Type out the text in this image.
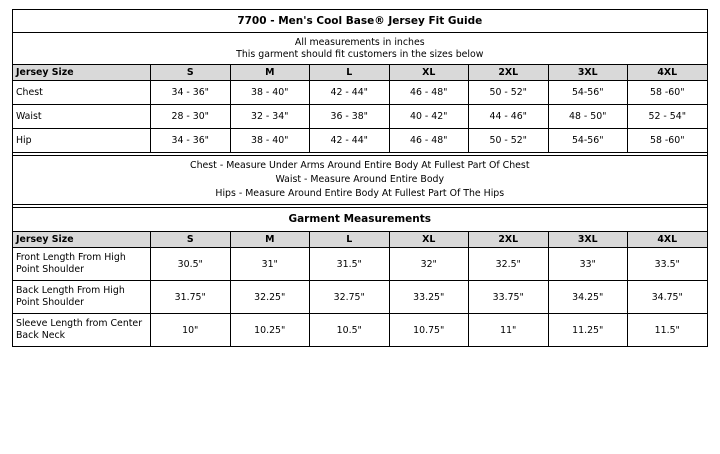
7700 - Men's Cool Base® Jersey Fit Guide							

All measurements in inches
This garment should fit customers in the sizes below							

Jersey Size	S	M	L	XL	2XL	3XL	4XL
Chest	34 - 36"	38 - 40"	42 - 44"	46 - 48"	50 - 52"	54-56"	58 -60"
Waist	28 - 30"	32 - 34"	36 - 38"	40 - 42"	44 - 46"	48 - 50"	52 - 54"
Hip	34 - 36"	38 - 40"	42 - 44"	46 - 48"	50 - 52"	54-56"	58 -60"

Chest - Measure Under Arms Around Entire Body At Fullest Part Of Chest
Waist - Measure Around Entire Body
Hips - Measure Around Entire Body At Fullest Part Of The Hips							

Garment Measurements							
Jersey Size	S	M	L	XL	2XL	3XL	4XL

Front Length From High
Point Shoulder	30.5"	31"	31.5"	32"	32.5"	33"	33.5"

Back Length From High
Point Shoulder	31.75"	32.25"	32.75"	33.25"	33.75"	34.25"	34.75"

Sleeve Length from Center
Back Neck	10"	10.25"	10.5"	10.75"	11"	11.25"	11.5"
